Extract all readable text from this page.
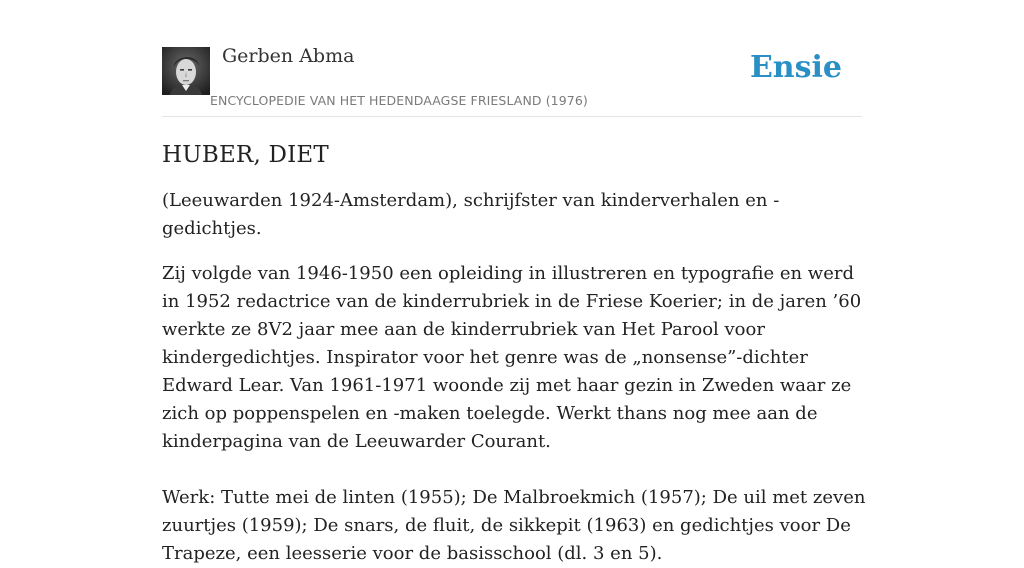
Gerben Abma
ENCYCLOPEDIE VAN HET HEDENDAAGSE FRIESLAND (1976)
Ensie
HUBER, DIET

(Leeuwarden 1924-Amsterdam), schrijfster van kinderverhalen en -gedichtjes.

Zij volgde van 1946-1950 een opleiding in illustreren en typografie en werd in 1952 redactrice van de kinderrubriek in de Friese Koerier; in de jaren ’60 werkte ze 8V2 jaar mee aan de kinderrubriek van Het Parool voor kindergedichtjes. Inspirator voor het genre was de „nonsense”-dichter Edward Lear. Van 1961-1971 woonde zij met haar gezin in Zweden waar ze zich op poppenspelen en -maken toelegde. Werkt thans nog mee aan de kinderpagina van de Leeuwarder Courant.

Werk: Tutte mei de linten (1955); De Malbroekmich (1957); De uil met zeven zuurtjes (1959); De snars, de fluit, de sikkepit (1963) en gedichtjes voor De Trapeze, een leesserie voor de basisschool (dl. 3 en 5).
